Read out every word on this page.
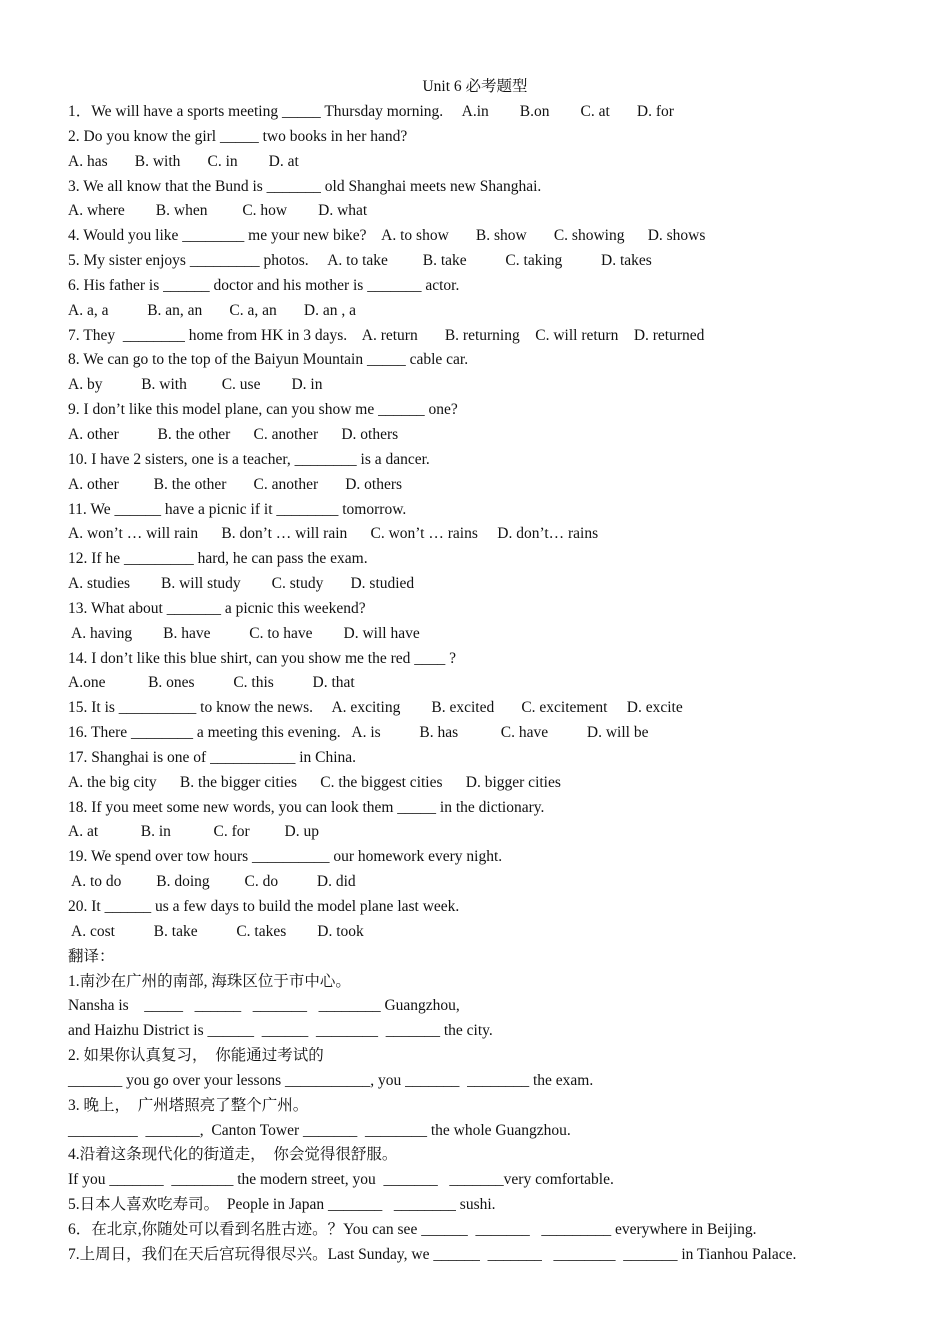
Unit 6 必考题型
1．We will have a sports meeting _____ Thursday morning.     A.in        B.on        C. at       D. for
2. Do you know the girl _____ two books in her hand?
A. has       B. with       C. in        D. at
3. We all know that the Bund is _______ old Shanghai meets new Shanghai.
A. where        B. when         C. how        D. what
4. Would you like ________ me your new bike?    A. to show       B. show       C. showing      D. shows
5. My sister enjoys _________ photos.     A. to take         B. take          C. taking          D. takes
6. His father is ______ doctor and his mother is _______ actor.
A. a, a          B. an, an       C. a, an       D. an , a
7. They  ________ home from HK in 3 days.    A. return       B. returning    C. will return    D. returned
8. We can go to the top of the Baiyun Mountain _____ cable car.
A. by          B. with         C. use        D. in
9. I don’t like this model plane, can you show me ______ one?
A. other          B. the other      C. another      D. others
10. I have 2 sisters, one is a teacher, ________ is a dancer.
A. other         B. the other       C. another       D. others
11. We ______ have a picnic if it ________ tomorrow.
A. won’t … will rain      B. don’t … will rain      C. won’t … rains     D. don’t… rains
12. If he _________ hard, he can pass the exam.
A. studies        B. will study        C. study       D. studied
13. What about _______ a picnic this weekend?
A. having        B. have          C. to have        D. will have
14. I don’t like this blue shirt, can you show me the red ____ ?
A.one           B. ones          C. this          D. that
15. It is __________ to know the news.     A. exciting        B. excited       C. excitement     D. excite
16. There ________ a meeting this evening.   A. is          B. has           C. have          D. will be
17. Shanghai is one of ___________ in China.
A. the big city      B. the bigger cities      C. the biggest cities      D. bigger cities
18. If you meet some new words, you can look them _____ in the dictionary.
A. at           B. in           C. for         D. up
19. We spend over tow hours __________ our homework every night.
A. to do         B. doing         C. do          D. did
20. It ______ us a few days to build the model plane last week.
A. cost          B. take          C. takes        D. took
翻译：
1.南沙在广州的南部, 海珠区位于市中心。
Nansha is    _____   ______   _______   ________ Guangzhou,
and Haizhu District is ______  ______  ________  _______ the city.
2. 如果你认真复习，  你能通过考试的
_______ you go over your lessons ___________, you _______  ________ the exam.
3. 晚上，  广州塔照亮了整个广州。
_________  _______,  Canton Tower _______  ________ the whole Guangzhou.
4.沿着这条现代化的街道走，  你会觉得很舒服。
If you _______  ________ the modern street, you  _______   _______very comfortable.
5.日本人喜欢吃寿司。  People in Japan _______   ________ sushi.
6．在北京,你随处可以看到名胜古迹。？You can see ______  _______   _________ everywhere in Beijing.
7.上周日，我们在天后宫玩得很尽兴。Last Sunday, we ______  _______   ________  _______ in Tianhou Palace.
